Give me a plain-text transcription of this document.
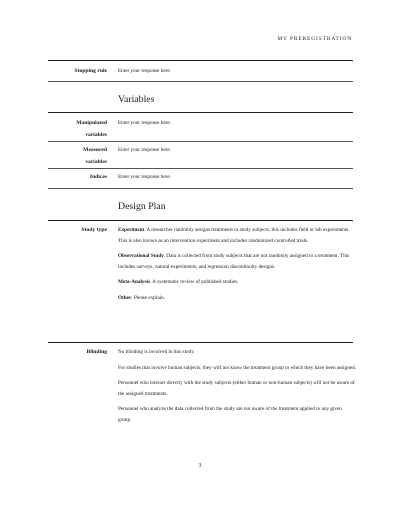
MY PREREGISTRATION
Stopping rule Enter your response here.
Variables
Manipulated
variables
Enter your response here.
Measured
variables
Enter your response here.
Indices Enter your response here.
Design Plan
Study type Experiment. A researcher randomly assigns treatments to study subjects, this includes field or lab experiments. This is also known as an intervention experiment and includes randomized controlled trials.

Observational Study. Data is collected from study subjects that are not randomly assigned to a treatment. This includes surveys, natural experiments, and regression discontinuity designs.

Meta-Analysis. A systematic review of published studies.

Other. Please explain.

Blinding No blinding is involved in this study.

For studies that involve human subjects, they will not know the treatment group to which they have been assigned.

Personnel who interact directly with the study subjects (either human or non-human subjects) will not be aware of the assigned treatments.

Personnel who analyze the data collected from the study are not aware of the treatment applied to any given group.

3
